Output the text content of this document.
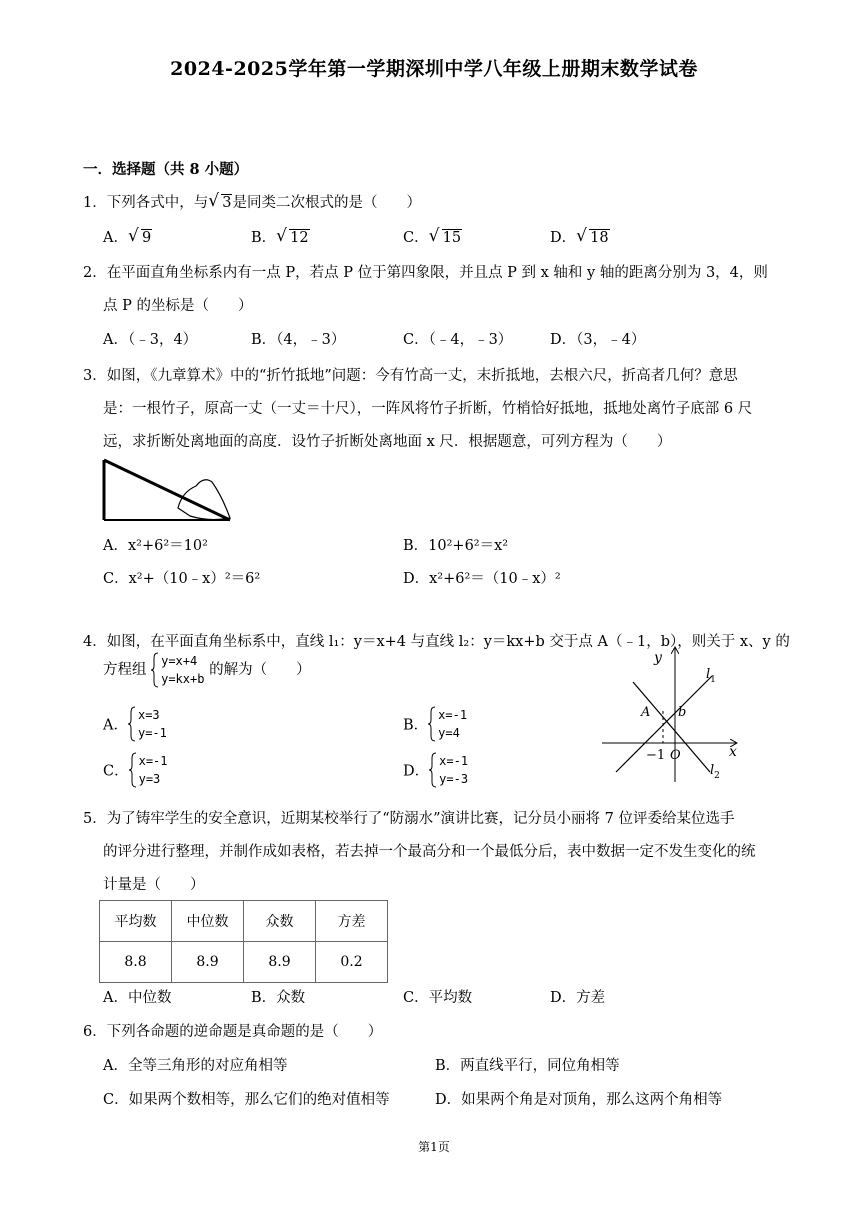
2024-2025学年第一学期深圳中学八年级上册期末数学试卷
一．选择题（共 8 小题）
1．下列各式中，与 √ 3是同类二次根式的是（　　）
A． √ 9	B． √ 12	C． √ 15	D． √ 18
2．在平面直角坐标系内有一点 P，若点 P 位于第四象限，并且点 P 到 x 轴和 y 轴的距离分别为 3，4，则
点 P 的坐标是（　　）
A．（﹣3，4）	B．（4，﹣3）	C．（﹣4，﹣3）	D．（3，﹣4）
3．如图，《九章算术》中的“折竹抵地”问题：今有竹高一丈，末折抵地，去根六尺，折高者几何？意思
是：一根竹子，原高一丈（一丈＝十尺），一阵风将竹子折断，竹梢恰好抵地，抵地处离竹子底部 6 尺
远，求折断处离地面的高度．设竹子折断处离地面 x 尺．根据题意，可列方程为（　　）
A．x²+6²＝10²	B．10²+6²＝x²
C．x²+（10﹣x）²＝6²	D．x²+6²＝（10﹣x）²
4．如图，在平面直角坐标系中，直线 l₁：y＝x+4 与直线 l₂：y＝kx+b 交于点 A（﹣1，b），则关于 x、y 的
方程组
y=x+4
y=kx+b
的解为（　　）
A．
x=3
y=-1	B．
x=-1
y=4
C．
x=-1
y=3	D．
x=-1
y=-3
y
x
$l_1$
$l_2$
A b
−1 O
5．为了铸牢学生的安全意识，近期某校举行了“防溺水”演讲比赛，记分员小丽将 7 位评委给某位选手
的评分进行整理，并制作成如表格，若去掉一个最高分和一个最低分后，表中数据一定不发生变化的统
计量是（　　）
平均数	中位数	众数	方差
8.8	8.9	8.9	0.2
A．中位数	B．众数	C．平均数	D．方差
6．下列各命题的逆命题是真命题的是（　　）
A．全等三角形的对应角相等	B．两直线平行，同位角相等
C．如果两个数相等，那么它们的绝对值相等	D．如果两个角是对顶角，那么这两个角相等
第1页
